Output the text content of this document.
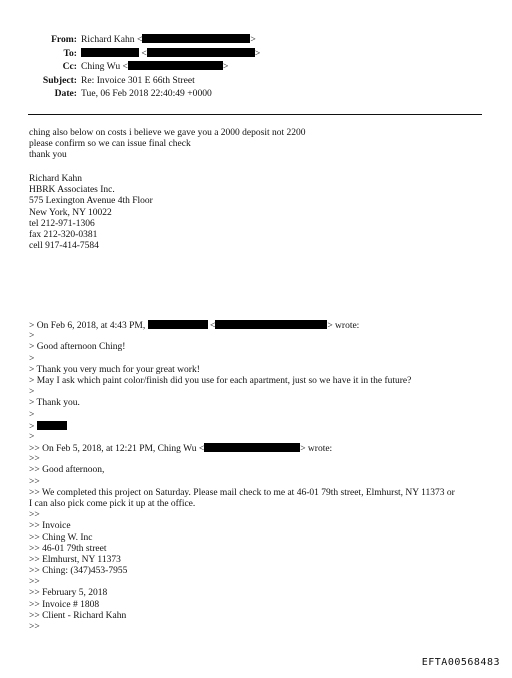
From: Richard Kahn <	>
To:	<	>
Cc: Ching Wu <	>
Subject: Re: Invoice 301 E 66th Street
Date: Tue, 06 Feb 2018 22:40:49 +0000
ching also below on costs i believe we gave you a 2000 deposit not 2200
please confirm so we can issue final check
thank you
Richard Kahn
HBRK Associates Inc.
575 Lexington Avenue 4th Floor
New York, NY 10022
tel 212-971-1306
fax 212-320-0381
cell 917-414-7584
> On Feb 6, 2018, at 4:43 PM,	<	> wrote:
>
> Good afternoon Ching!
>
> Thank you very much for your great work!
> May I ask which paint color/finish did you use for each apartment, just so we have it in the future?
>
> Thank you.
>
>
>
>> On Feb 5, 2018, at 12:21 PM, Ching Wu <	> wrote:
>>
>> Good afternoon,
>>
>> We completed this project on Saturday. Please mail check to me at 46-01 79th street, Elmhurst, NY 11373 or
I can also pick come pick it up at the office.
>>
>> Invoice
>> Ching W. Inc
>> 46-01 79th street
>> Elmhurst, NY 11373
>> Ching: (347)453-7955
>>
>> February 5, 2018
>> Invoice # 1808
>> Client - Richard Kahn
>>
EFTA00568483
